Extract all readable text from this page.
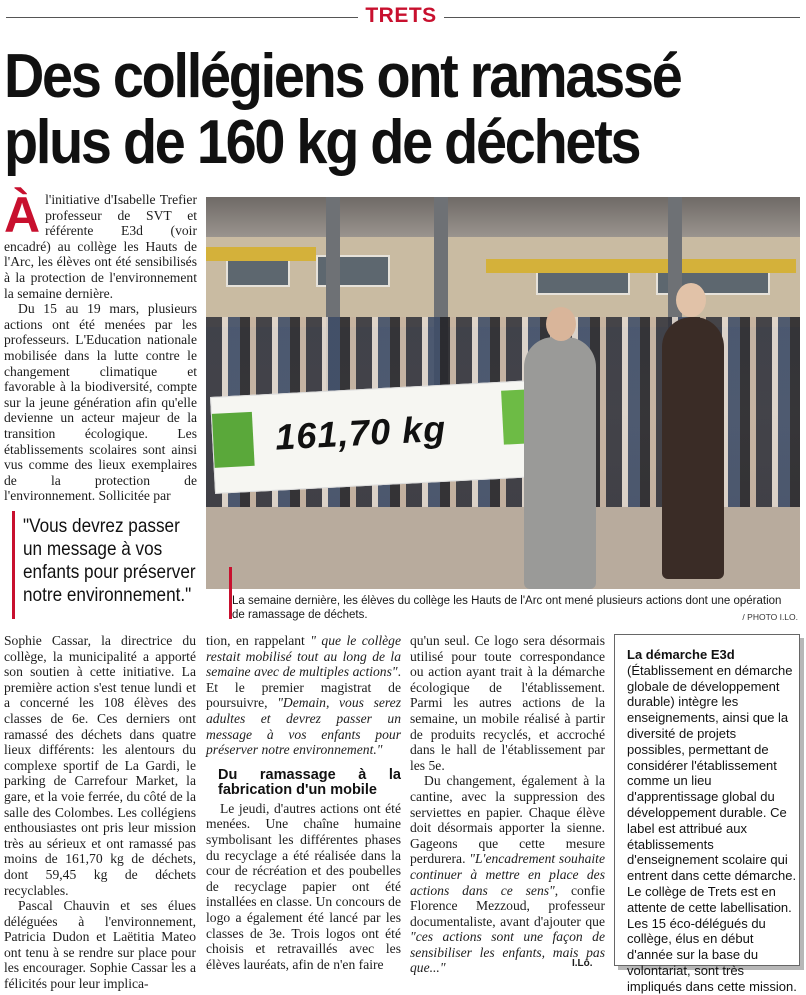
TRETS
Des collégiens ont ramassé
plus de 160 kg de déchets
À l'initiative d'Isabelle Trefier professeur de SVT et référente E3d (voir encadré) au collège les Hauts de l'Arc, les élèves ont été sensibilisés à la protection de l'environnement la semaine dernière.

Du 15 au 19 mars, plusieurs actions ont été menées par les professeurs. L'Education nationale mobilisée dans la lutte contre le changement climatique et favorable à la biodiversité, compte sur la jeune génération afin qu'elle devienne un acteur majeur de la transition écologique. Les établissements scolaires sont ainsi vus comme des lieux exemplaires de la protection de l'environnement. Sollicitée par

"Vous devrez passer un message à vos enfants pour préserver notre environnement."
161,70 kg
La semaine dernière, les élèves du collège les Hauts de l'Arc ont mené plusieurs actions dont une opération de ramassage de déchets.	/ PHOTO I.LO.

Sophie Cassar, la directrice du collège, la municipalité a apporté son soutien à cette initiative. La première action s'est tenue lundi et a concerné les 108 élèves des classes de 6e. Ces derniers ont ramassé des déchets dans quatre lieux différents: les alentours du complexe sportif de La Gardi, le parking de Carrefour Market, la gare, et la voie ferrée, du côté de la salle des Colombes. Les collégiens enthousiastes ont pris leur mission très au sérieux et ont ramassé pas moins de 161,70 kg de déchets, dont 59,45 kg de déchets recyclables.

Pascal Chauvin et ses élues déléguées à l'environnement, Patricia Dudon et Laëtitia Mateo ont tenu à se rendre sur place pour les encourager. Sophie Cassar les a félicités pour leur implica-

tion, en rappelant " que le collège restait mobilisé tout au long de la semaine avec de multiples actions". Et le premier magistrat de poursuivre, "Demain, vous serez adultes et devrez passer un message à vos enfants pour préserver notre environnement."

Du ramassage à la fabrication d'un mobile

Le jeudi, d'autres actions ont été menées. Une chaîne humaine symbolisant les différentes phases du recyclage a été réalisée dans la cour de récréation et des poubelles de recyclage papier ont été installées en classe. Un concours de logo a également été lancé par les classes de 3e. Trois logos ont été choisis et retravaillés avec les élèves lauréats, afin de n'en faire

qu'un seul. Ce logo sera désormais utilisé pour toute correspondance ou action ayant trait à la démarche écologique de l'établissement. Parmi les autres actions de la semaine, un mobile réalisé à partir de produits recyclés, et accroché dans le hall de l'établissement par les 5e.

Du changement, également à la cantine, avec la suppression des serviettes en papier. Chaque élève doit désormais apporter la sienne. Gageons que cette mesure perdurera. "L'encadrement souhaite continuer à mettre en place des actions dans ce sens", confie Florence Mezzoud, professeur documentaliste, avant d'ajouter que "ces actions sont une façon de sensibiliser les enfants, mais pas que..."	I.Lo.
La démarche E3d (Établissement en démarche globale de développement durable) intègre les enseignements, ainsi que la diversité de projets possibles, permettant de considérer l'établissement comme un lieu d'apprentissage global du développement durable. Ce label est attribué aux établissements d'enseignement scolaire qui entrent dans cette démarche. Le collège de Trets est en attente de cette labellisation. Les 15 éco-délégués du collège, élus en début d'année sur la base du volontariat, sont très impliqués dans cette mission.
